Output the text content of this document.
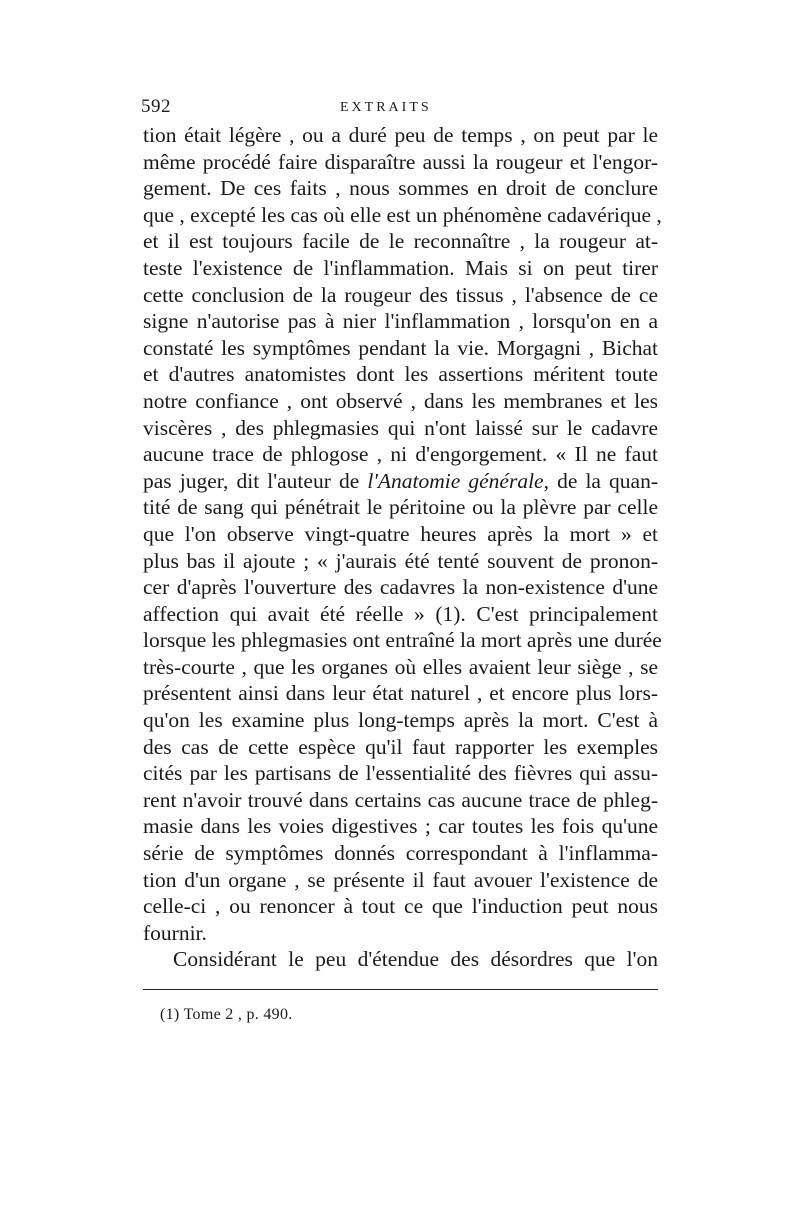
592	EXTRAITS
tion était légère , ou a duré peu de temps , on peut par le
même procédé faire disparaître aussi la rougeur et l'engor-
gement. De ces faits , nous sommes en droit de conclure
que , excepté les cas où elle est un phénomène cadavérique ,
et il est toujours facile de le reconnaître , la rougeur at-
teste l'existence de l'inflammation. Mais si on peut tirer
cette conclusion de la rougeur des tissus , l'absence de ce
signe n'autorise pas à nier l'inflammation , lorsqu'on en a
constaté les symptômes pendant la vie. Morgagni , Bichat
et d'autres anatomistes dont les assertions méritent toute
notre confiance , ont observé , dans les membranes et les
viscères , des phlegmasies qui n'ont laissé sur le cadavre
aucune trace de phlogose , ni d'engorgement. « Il ne faut
pas juger, dit l'auteur de l'Anatomie générale, de la quan-
tité de sang qui pénétrait le péritoine ou la plèvre par celle
que l'on observe vingt-quatre heures après la mort » et
plus bas il ajoute ; « j'aurais été tenté souvent de pronon-
cer d'après l'ouverture des cadavres la non-existence d'une
affection qui avait été réelle » (1). C'est principalement
lorsque les phlegmasies ont entraîné la mort après une durée
très-courte , que les organes où elles avaient leur siège , se
présentent ainsi dans leur état naturel , et encore plus lors-
qu'on les examine plus long-temps après la mort. C'est à
des cas de cette espèce qu'il faut rapporter les exemples
cités par les partisans de l'essentialité des fièvres qui assu-
rent n'avoir trouvé dans certains cas aucune trace de phleg-
masie dans les voies digestives ; car toutes les fois qu'une
série de symptômes donnés correspondant à l'inflamma-
tion d'un organe , se présente il faut avouer l'existence de
celle-ci , ou renoncer à tout ce que l'induction peut nous
fournir.
Considérant le peu d'étendue des désordres que l'on
(1) Tome 2 , p. 490.
